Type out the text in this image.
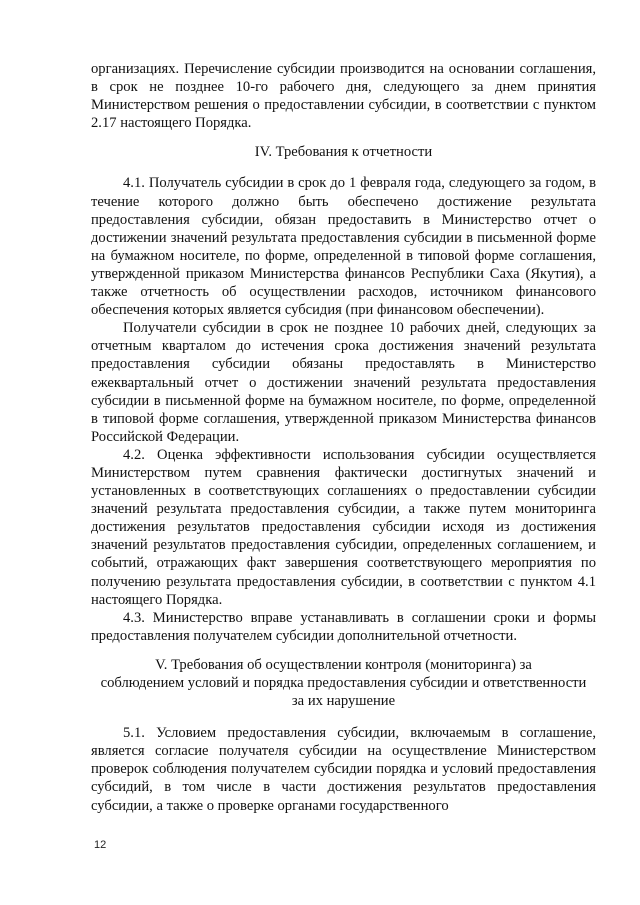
организациях. Перечисление субсидии производится на основании соглашения, в срок не позднее 10-го рабочего дня, следующего за днем принятия Министерством решения о предоставлении субсидии, в соответствии с пунктом 2.17 настоящего Порядка.

IV. Требования к отчетности

4.1. Получатель субсидии в срок до 1 февраля года, следующего за годом, в течение которого должно быть обеспечено достижение результата предоставления субсидии, обязан предоставить в Министерство отчет о достижении значений результата предоставления субсидии в письменной форме на бумажном носителе, по форме, определенной в типовой форме соглашения, утвержденной приказом Министерства финансов Республики Саха (Якутия), а также отчетность об осуществлении расходов, источником финансового обеспечения которых является субсидия (при финансовом обеспечении).

Получатели субсидии в срок не позднее 10 рабочих дней, следующих за отчетным кварталом до истечения срока достижения значений результата предоставления субсидии обязаны предоставлять в Министерство ежеквартальный отчет о достижении значений результата предоставления субсидии в письменной форме на бумажном носителе, по форме, определенной в типовой форме соглашения, утвержденной приказом Министерства финансов Российской Федерации.

4.2. Оценка эффективности использования субсидии осуществляется Министерством путем сравнения фактически достигнутых значений и установленных в соответствующих соглашениях о предоставлении субсидии значений результата предоставления субсидии, а также путем мониторинга достижения результатов предоставления субсидии исходя из достижения значений результатов предоставления субсидии, определенных соглашением, и событий, отражающих факт завершения соответствующего мероприятия по получению результата предоставления субсидии, в соответствии с пунктом 4.1 настоящего Порядка.

4.3. Министерство вправе устанавливать в соглашении сроки и формы предоставления получателем субсидии дополнительной отчетности.

V. Требования об осуществлении контроля (мониторинга) за

соблюдением условий и порядка предоставления субсидии и ответственности

за их нарушение

5.1. Условием предоставления субсидии, включаемым в соглашение, является согласие получателя субсидии на осуществление Министерством проверок соблюдения получателем субсидии порядка и условий предоставления субсидий, в том числе в части достижения результатов предоставления субсидии, а также о проверке органами государственного

12
